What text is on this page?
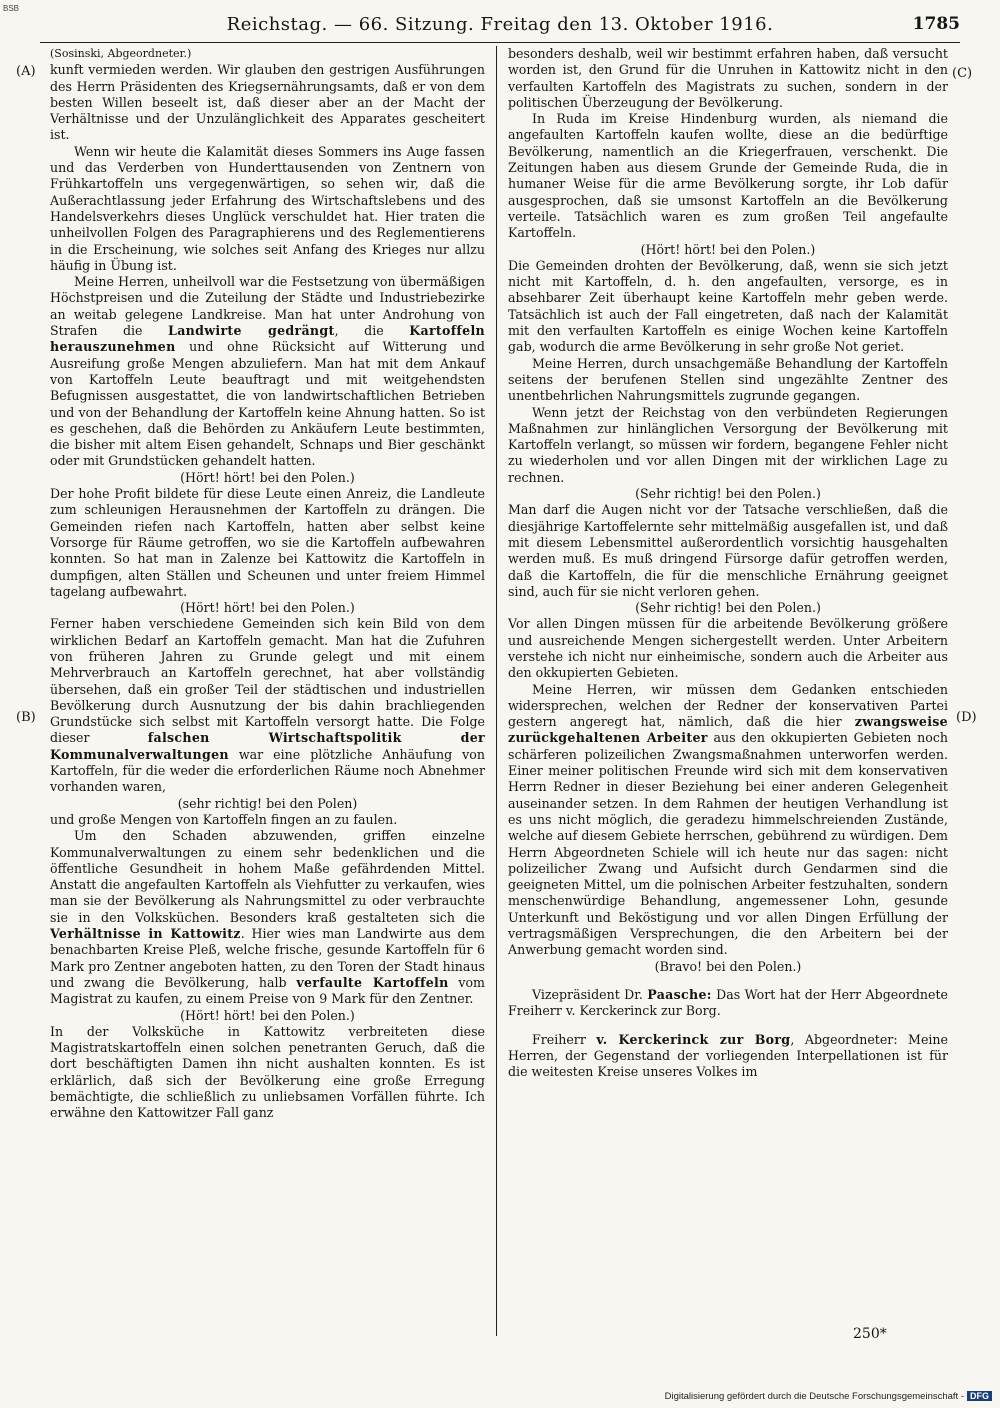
BSB
Reichstag. — 66. Sitzung. Freitag den 13. Oktober 1916.	1785
(A)
(B)
(C)
(D)

(Sosinski, Abgeordneter.)

kunft vermieden werden. Wir glauben den gestrigen Ausführungen des Herrn Präsidenten des Kriegsernährungsamts, daß er von dem besten Willen beseelt ist, daß dieser aber an der Macht der Verhältnisse und der Unzulänglichkeit des Apparates gescheitert ist.

Wenn wir heute die Kalamität dieses Sommers ins Auge fassen und das Verderben von Hunderttausenden von Zentnern von Frühkartoffeln uns vergegenwärtigen, so sehen wir, daß die Außerachtlassung jeder Erfahrung des Wirtschaftslebens und des Handelsverkehrs dieses Unglück verschuldet hat. Hier traten die unheilvollen Folgen des Paragraphierens und des Reglementierens in die Erscheinung, wie solches seit Anfang des Krieges nur allzu häufig in Übung ist.

Meine Herren, unheilvoll war die Festsetzung von übermäßigen Höchstpreisen und die Zuteilung der Städte und Industriebezirke an weitab gelegene Landkreise. Man hat unter Androhung von Strafen die Landwirte gedrängt, die Kartoffeln herauszunehmen und ohne Rücksicht auf Witterung und Ausreifung große Mengen abzuliefern. Man hat mit dem Ankauf von Kartoffeln Leute beauftragt und mit weitgehendsten Befugnissen ausgestattet, die von landwirtschaftlichen Betrieben und von der Behandlung der Kartoffeln keine Ahnung hatten. So ist es geschehen, daß die Behörden zu Ankäufern Leute bestimmten, die bisher mit altem Eisen gehandelt, Schnaps und Bier geschänkt oder mit Grundstücken gehandelt hatten.

(Hört! hört! bei den Polen.)

Der hohe Profit bildete für diese Leute einen Anreiz, die Landleute zum schleunigen Herausnehmen der Kartoffeln zu drängen. Die Gemeinden riefen nach Kartoffeln, hatten aber selbst keine Vorsorge für Räume getroffen, wo sie die Kartoffeln aufbewahren konnten. So hat man in Zalenze bei Kattowitz die Kartoffeln in dumpfigen, alten Ställen und Scheunen und unter freiem Himmel tagelang aufbewahrt.

(Hört! hört! bei den Polen.)

Ferner haben verschiedene Gemeinden sich kein Bild von dem wirklichen Bedarf an Kartoffeln gemacht. Man hat die Zufuhren von früheren Jahren zu Grunde gelegt und mit einem Mehrverbrauch an Kartoffeln gerechnet, hat aber vollständig übersehen, daß ein großer Teil der städtischen und industriellen Bevölkerung durch Ausnutzung der bis dahin brachliegenden Grundstücke sich selbst mit Kartoffeln versorgt hatte. Die Folge dieser	falschen Wirtschaftspolitik der Kommunalverwaltungen war eine plötzliche Anhäufung von Kartoffeln, für die weder die erforderlichen Räume noch Abnehmer vorhanden waren,

(sehr richtig! bei den Polen)

und große Mengen von Kartoffeln fingen an zu faulen.

Um den Schaden abzuwenden, griffen einzelne Kommunalverwaltungen zu einem sehr bedenklichen und die öffentliche Gesundheit in hohem Maße gefährdenden Mittel. Anstatt die angefaulten Kartoffeln als Viehfutter zu verkaufen, wies man sie der Bevölkerung als Nahrungsmittel zu oder verbrauchte sie in den Volksküchen. Besonders kraß gestalteten sich die Verhältnisse in Kattowitz. Hier wies man Landwirte aus dem benachbarten Kreise Pleß, welche frische, gesunde Kartoffeln für 6 Mark pro Zentner angeboten hatten, zu den Toren der Stadt hinaus und zwang die Bevölkerung, halb verfaulte Kartoffeln vom Magistrat zu kaufen, zu einem Preise von 9 Mark für den Zentner.

(Hört! hört! bei den Polen.)

In der Volksküche in Kattowitz verbreiteten diese Magistratskartoffeln einen solchen penetranten Geruch, daß die dort beschäftigten Damen ihn nicht aushalten konnten. Es ist erklärlich, daß sich der Bevölkerung eine große Erregung bemächtigte, die schließlich zu unliebsamen Vorfällen führte. Ich erwähne den Kattowitzer Fall ganz

besonders deshalb, weil wir bestimmt erfahren haben, daß versucht worden ist, den Grund für die Unruhen in Kattowitz nicht in den verfaulten Kartoffeln des Magistrats zu suchen, sondern in der politischen Überzeugung der Bevölkerung.

In Ruda im Kreise Hindenburg wurden, als niemand die angefaulten Kartoffeln kaufen wollte, diese an die bedürftige Bevölkerung, namentlich an die Kriegerfrauen, verschenkt. Die Zeitungen haben aus diesem Grunde der Gemeinde Ruda, die in humaner Weise für die arme Bevölkerung sorgte, ihr Lob dafür ausgesprochen, daß sie umsonst Kartoffeln an die Bevölkerung verteile. Tatsächlich waren es zum großen Teil angefaulte Kartoffeln.

(Hört! hört! bei den Polen.)

Die Gemeinden drohten der Bevölkerung, daß, wenn sie sich jetzt nicht mit Kartoffeln, d. h. den angefaulten, versorge, es in absehbarer Zeit überhaupt keine Kartoffeln mehr geben werde. Tatsächlich ist auch der Fall eingetreten, daß nach der Kalamität mit den verfaulten Kartoffeln es einige Wochen keine Kartoffeln gab, wodurch die arme Bevölkerung in sehr große Not geriet.

Meine Herren, durch unsachgemäße Behandlung der Kartoffeln seitens der berufenen Stellen sind ungezählte Zentner des unentbehrlichen Nahrungsmittels zugrunde gegangen.

Wenn jetzt der Reichstag von den verbündeten Regierungen Maßnahmen zur hinlänglichen Versorgung der Bevölkerung mit Kartoffeln verlangt, so müssen wir fordern, begangene Fehler nicht zu wiederholen und vor allen Dingen mit der wirklichen Lage zu rechnen.

(Sehr richtig! bei den Polen.)

Man darf die Augen nicht vor der Tatsache verschließen, daß die diesjährige Kartoffelernte sehr mittelmäßig ausgefallen ist, und daß mit diesem Lebensmittel außerordentlich vorsichtig hausgehalten werden muß. Es muß dringend Fürsorge dafür getroffen werden, daß die Kartoffeln, die für die menschliche Ernährung geeignet sind, auch für sie nicht verloren gehen.

(Sehr richtig! bei den Polen.)

Vor allen Dingen müssen für die arbeitende Bevölkerung größere und ausreichende Mengen sichergestellt werden. Unter Arbeitern verstehe ich nicht nur einheimische, sondern auch die Arbeiter aus den okkupierten Gebieten.

Meine Herren, wir müssen dem Gedanken entschieden widersprechen, welchen der Redner der konservativen Partei gestern angeregt hat, nämlich, daß die hier zwangsweise zurückgehaltenen Arbeiter aus den okkupierten Gebieten noch schärferen polizeilichen Zwangsmaßnahmen unterworfen werden. Einer meiner politischen Freunde wird sich mit dem konservativen Herrn Redner in dieser Beziehung bei einer anderen Gelegenheit auseinander setzen. In dem Rahmen der heutigen Verhandlung ist es uns nicht möglich, die geradezu himmelschreienden Zustände, welche auf diesem Gebiete herrschen, gebührend zu würdigen. Dem Herrn Abgeordneten Schiele will ich heute nur das sagen: nicht polizeilicher Zwang und Aufsicht durch Gendarmen sind die geeigneten Mittel, um die polnischen Arbeiter festzuhalten, sondern menschenwürdige Behandlung, angemessener Lohn, gesunde Unterkunft und Beköstigung und vor allen Dingen Erfüllung der vertragsmäßigen Versprechungen, die den Arbeitern bei der Anwerbung gemacht worden sind.

(Bravo! bei den Polen.)

Vizepräsident Dr. Paasche: Das Wort hat der Herr Abgeordnete Freiherr v. Kerckerinck zur Borg.

Freiherr v. Kerckerinck zur Borg, Abgeordneter: Meine Herren, der Gegenstand der vorliegenden Interpellationen ist für die weitesten Kreise unseres Volkes im

250*
Digitalisierung gefördert durch die Deutsche Forschungsgemeinschaft - DFG
